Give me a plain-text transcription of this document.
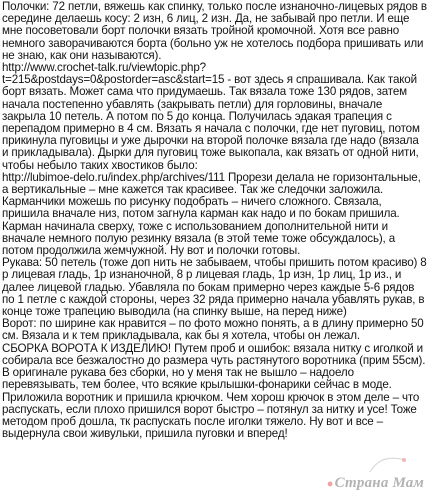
Полочки: 72 петли, вяжешь как спинку, только после изнаночно-лицевых рядов в середине делаешь косу: 2 изн, 6 лиц, 2 изн. Да, не забывай про петли. И еще мне посоветовали борт полочки вязать тройной кромочной. Хотя все равно немного заворачиваются борта (больно уж не хотелось подбора пришивать или не знаю, как они называются).

http://www.crochet-talk.ru/viewtopic.php?t=215&postdays=0&postorder=asc&start=15 - вот здесь я спрашивала. Как такой борт вязать. Может сама что придумаешь. Так вязала тоже 130 рядов, затем начала постепенно убавлять (закрывать петли) для горловины, вначале закрыла 10 петель. А потом по 5 до конца. Получилась эдакая трапеция с перепадом примерно в 4 см. Вязать я начала с полочки, где нет пуговиц, потом прикинула пуговицы и уже дырочки на второй полочке вязала где надо (вязала и прикладывала). Дырки для пуговиц тоже выкопала, как вязать от одной нити, чтобы небыло таких хвостиков было:

http://lubimoe-delo.ru/index.php/archives/111 Прорези делала не горизонтальные, а вертикальные – мне кажется так красивее. Так же следочки заложила.

Карманчики можешь по рисунку подобрать – ничего сложного. Связала, пришила вначале низ, потом загнула карман как надо и по бокам пришила. Карман начинала сверху, тоже с использованием дополнительной нити и вначале немного полую резинку вязала (в этой теме тоже обсуждалось), а потом продолжила жемчужной. Ну вот и полочки готовы.

Рукава: 50 петель (тоже доп нить не забываем, чтобы пришить потом красиво) 8 р лицевая гладь, 1р изнаночной, 8 р лицевая гладь, 1р изн, 1р лиц, 1р из., и далее лицевой гладью. Убавляла по бокам примерно через каждые 5-6 рядов по 1 петле с каждой стороны, через 32 ряда примерно начала убавлять рукав, в конце тоже трапецию выводила (на спинку выше, на перед ниже)

Ворот: по ширине как нравится – по фото можно понять, а в длину примерно 50 см. Вязала и к тем прикладывала, как бы я хотела, чтобы он лежал.

СБОРКА ВОРОТА К ИЗДЕЛИЮ! Путем проб и ошибок: вязала нитку с иголкой и собирала все безжалостно до размера чуть растянутого воротника (прим 55см). В оригинале рукава без сборки, но у меня так не вышло – надоело перевязывать, тем более, что всякие крылышки-фонарики сейчас в моде. Приложила воротник и пришила крючком. Чем хорош крючок в этом деле – что распускать, если плохо пришился ворот быстро – потянул за нитку и усе! Тоже методом проб дошла, тк распускать после иголки тяжело. Ну вот и все – выдернула свои живульки, пришила пуговки и вперед!

●Страна Мам
